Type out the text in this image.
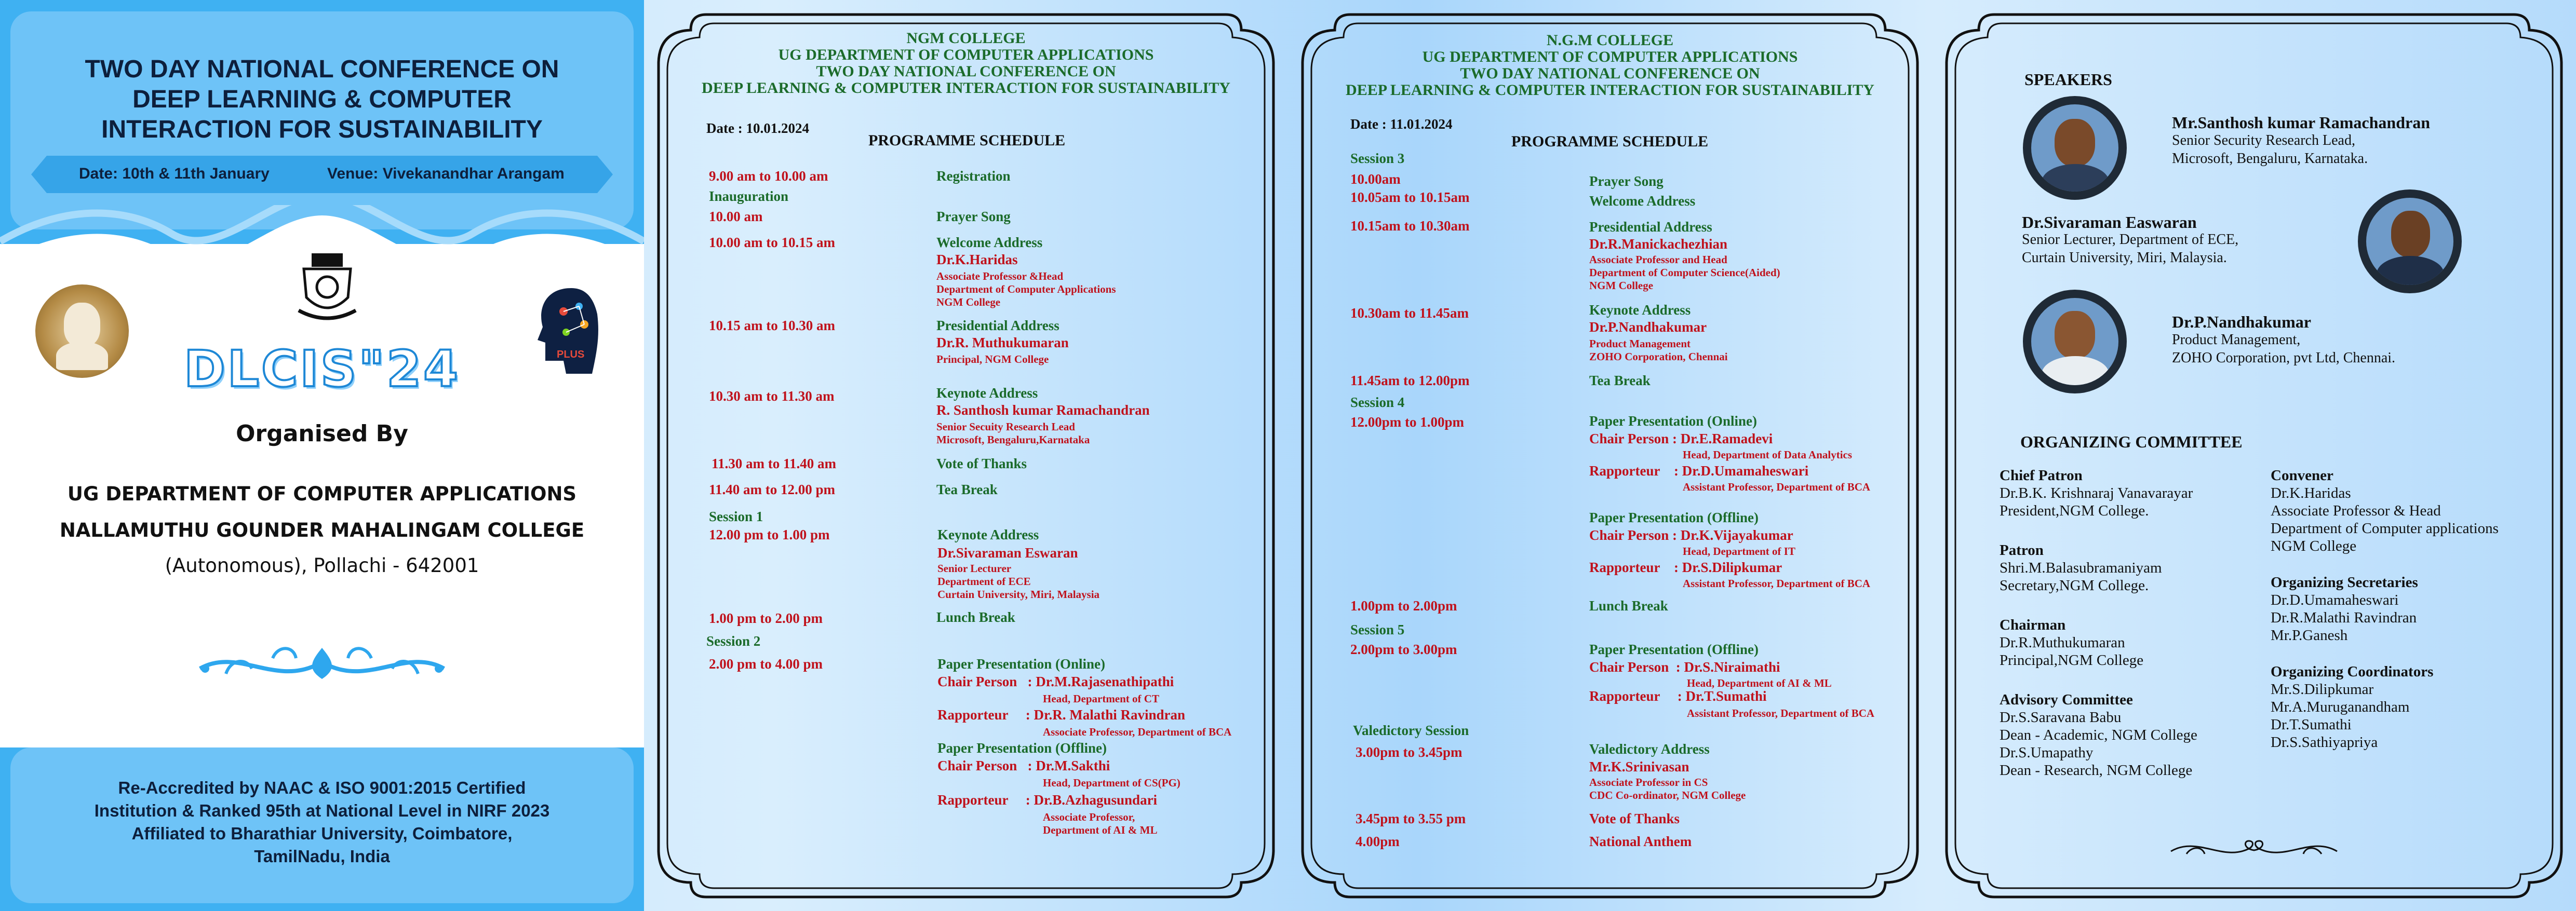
TWO DAY NATIONAL CONFERENCE ON
DEEP LEARNING & COMPUTER
INTERACTION FOR SUSTAINABILITY
Date: 10th & 11th January	Venue: Vivekanandhar Arangam
PLUS
DLCIS"24
Organised By
UG DEPARTMENT OF COMPUTER APPLICATIONS
NALLAMUTHU GOUNDER MAHALINGAM COLLEGE
(Autonomous), Pollachi - 642001
Re-Accredited by NAAC & ISO 9001:2015 Certified
Institution & Ranked 95th at National Level in NIRF 2023
Affiliated to Bharathiar University, Coimbatore,
TamilNadu, India
NGM COLLEGE
UG DEPARTMENT OF COMPUTER APPLICATIONS
TWO DAY NATIONAL CONFERENCE ON
DEEP LEARNING & COMPUTER INTERACTION FOR SUSTAINABILITY
Date : 10.01.2024
PROGRAMME SCHEDULE
9.00 am to 10.00 am	Registration
Inauguration
10.00 am	Prayer Song
10.00 am to 10.15 am	Welcome Address
Dr.K.Haridas
Associate Professor &Head
Department of Computer Applications
NGM College
10.15 am to 10.30 am	Presidential Address
Dr.R. Muthukumaran
Principal, NGM College
10.30 am to 11.30 am	Keynote Address
R. Santhosh kumar Ramachandran
Senior Secuity Research Lead
Microsoft, Bengaluru,Karnataka
11.30 am to 11.40 am	Vote of Thanks
11.40 am to 12.00 pm	Tea Break
Session 1
12.00 pm to 1.00 pm	Keynote Address
Dr.Sivaraman Eswaran
Senior Lecturer
Department of ECE
Curtain University, Miri, Malaysia
1.00 pm to 2.00 pm	Lunch Break
Session 2
2.00 pm to 4.00 pm	Paper Presentation (Online)
Chair Person   : Dr.M.Rajasenathipathi
Head, Department of CT
Rapporteur     : Dr.R. Malathi Ravindran
Associate Professor, Department of BCA
Paper Presentation (Offline)
Chair Person   : Dr.M.Sakthi
Head, Department of CS(PG)
Rapporteur     : Dr.B.Azhagusundari
Associate Professor,
Department of AI & ML
N.G.M COLLEGE
UG DEPARTMENT OF COMPUTER APPLICATIONS
TWO DAY NATIONAL CONFERENCE ON
DEEP LEARNING & COMPUTER INTERACTION FOR SUSTAINABILITY
Date : 11.01.2024
PROGRAMME SCHEDULE
Session 3
10.00am	Prayer Song
10.05am to 10.15am	Welcome Address
10.15am to 10.30am	Presidential Address
Dr.R.Manickachezhian
Associate Professor and Head
Department of Computer Science(Aided)
NGM College
10.30am to 11.45am	Keynote Address
Dr.P.Nandhakumar
Product Management
ZOHO Corporation, Chennai
11.45am to 12.00pm	Tea Break
Session 4
12.00pm to 1.00pm	Paper Presentation (Online)
Chair Person : Dr.E.Ramadevi
Head, Department of Data Analytics
Rapporteur    : Dr.D.Umamaheswari
Assistant Professor, Department of BCA
Paper Presentation (Offline)
Chair Person : Dr.K.Vijayakumar
Head, Department of IT
Rapporteur    : Dr.S.Dilipkumar
Assistant Professor, Department of BCA
1.00pm to 2.00pm	Lunch Break
Session 5
2.00pm to 3.00pm	Paper Presentation (Offline)
Chair Person  : Dr.S.Niraimathi
Head, Department of AI & ML
Rapporteur     : Dr.T.Sumathi
Assistant Professor, Department of BCA
Valedictory Session
3.00pm to 3.45pm	Valedictory Address
Mr.K.Srinivasan
Associate Professor in CS
CDC Co-ordinator, NGM College
3.45pm to 3.55 pm	Vote of Thanks
4.00pm	National Anthem
SPEAKERS
Mr.Santhosh kumar Ramachandran
Senior Security Research Lead,
Microsoft, Bengaluru, Karnataka.
Dr.Sivaraman Easwaran
Senior Lecturer, Department of ECE,
Curtain University, Miri, Malaysia.
Dr.P.Nandhakumar
Product Management,
ZOHO Corporation, pvt Ltd, Chennai.
ORGANIZING COMMITTEE
Chief Patron
Dr.B.K. Krishnaraj Vanavarayar
President,NGM College.
Patron
Shri.M.Balasubramaniyam
Secretary,NGM College.
Chairman
Dr.R.Muthukumaran
Principal,NGM College
Advisory Committee
Dr.S.Saravana Babu
Dean - Academic, NGM College
Dr.S.Umapathy
Dean - Research, NGM College
Convener
Dr.K.Haridas
Associate Professor & Head
Department of Computer applications
NGM College
Organizing Secretaries
Dr.D.Umamaheswari
Dr.R.Malathi Ravindran
Mr.P.Ganesh
Organizing Coordinators
Mr.S.Dilipkumar
Mr.A.Muruganandham
Dr.T.Sumathi
Dr.S.Sathiyapriya
